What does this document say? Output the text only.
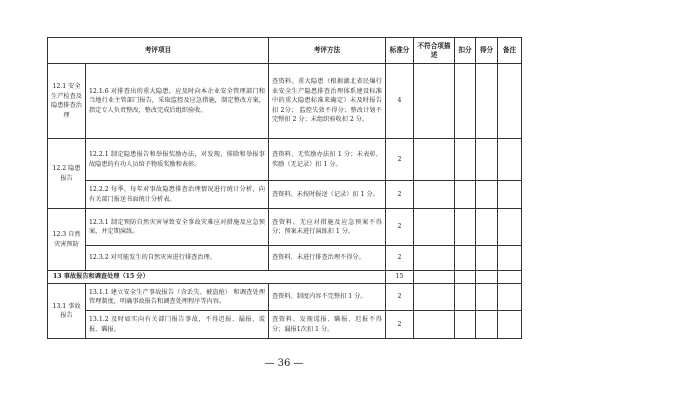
考评项目		考评方法	标准分	不符合项描述	扣分	得分	备注
12.1 安全生产检查及隐患排查治理	12.1.6 对排查出的重大隐患，应及时向本企业安全管理部门和当地行业主管部门报告，采取监控及应急措施，制定整改方案，指定专人负责整改，整改完成后组织验收。	查资料、重大隐患（根据湖北省民爆行业安全生产隐患排查治理体系建设标准中的重大隐患标准来确定）未及时报告扣 2分； 监控失效不得分；整改计划不完整扣 2 分；未组织验收扣 2 分。	4				
12.2 隐患报告	12.2.1 制定隐患报告和举报奖励办法，对发现、排除和举报事故隐患的有功人员给予物质奖励和表彰。	查资料、无奖励办法扣 1 分；未表彰、奖励（无记录）扣 1 分。	2				
	12.2.2 每季、每年对事故隐患排查治理情况进行统计分析，向有关部门报送书面统计分析表。	查资料、未按时报送（记录）扣 1 分。	2				
12.3 自然灾害预防	12.3.1 制定预防自然灾害导致安全事故灾难应对措施及应急预案，并定期演练。	查资料、无应对措施及应急预案不得分；预案未进行演练扣 1 分。	2				
	12.3.2 对可能发生的自然灾害进行排查治理。	查资料、未进行排查治理不得分。	2				
13 事故报告和调查处理（15 分）			15				
13.1 事故报告	13.1.1 建立安全生产事故报告（含丢失、被盗抢） 和调查处理管理制度，明确事故报告和调查处理程序等内容。	查资料、制度内容不完整扣 1 分。	2				
	13.1.2 及时如实向有关部门报告事故，不得迟报、漏报、谎报、瞒报。	查资料、发现谎报、瞒报、迟报不得分；漏报1次扣 1 分。	2				
— 36 —
